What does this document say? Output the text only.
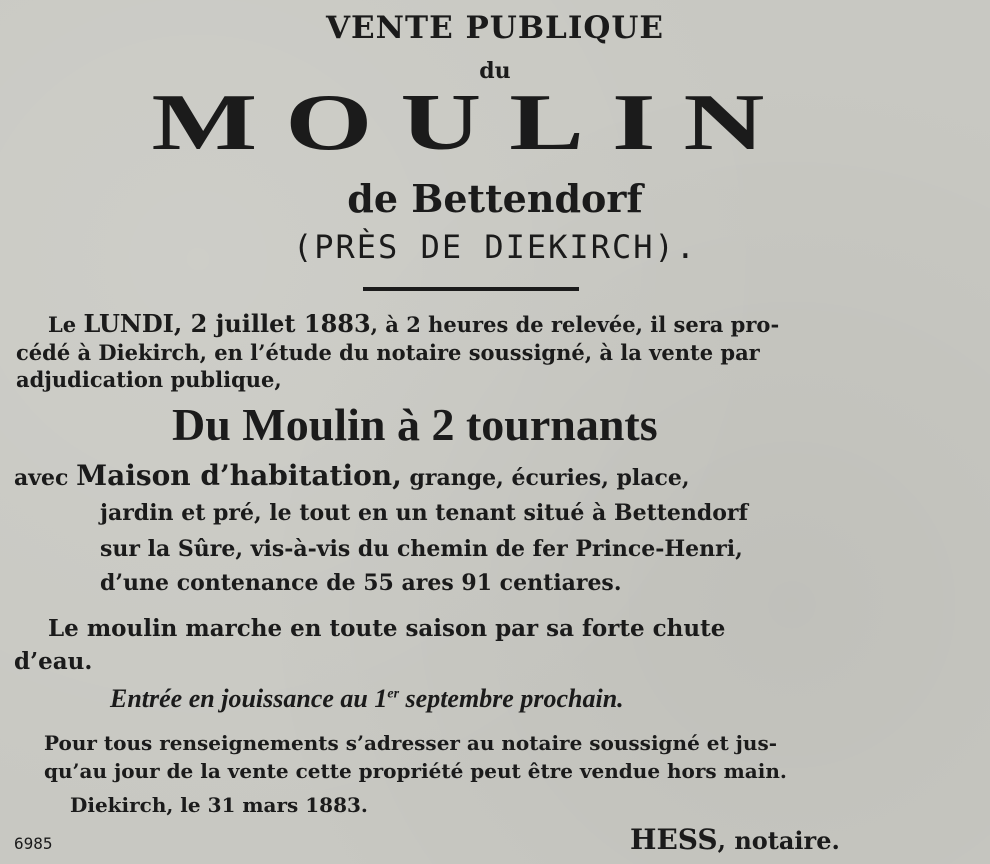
VENTE PUBLIQUE
du
MOULIN
de Bettendorf
(PRÈS DE DIEKIRCH).
Le LUNDI, 2 juillet 1883, à 2 heures de relevée, il sera pro-
cédé à Diekirch, en l’étude du notaire soussigné, à la vente par
adjudication publique,
Du Moulin à 2 tournants
avec Maison d’habitation, grange, écuries, place,
jardin et pré, le tout en un tenant situé à Bettendorf
sur la Sûre, vis-à-vis du chemin de fer Prince-Henri,
d’une contenance de 55 ares 91 centiares.
Le moulin marche en toute saison par sa forte chute
d’eau.
Entrée en jouissance au 1er septembre prochain.
Pour tous renseignements s’adresser au notaire soussigné et jus-
qu’au jour de la vente cette propriété peut être vendue hors main.
Diekirch, le 31 mars 1883.
6985	HESS, notaire.
